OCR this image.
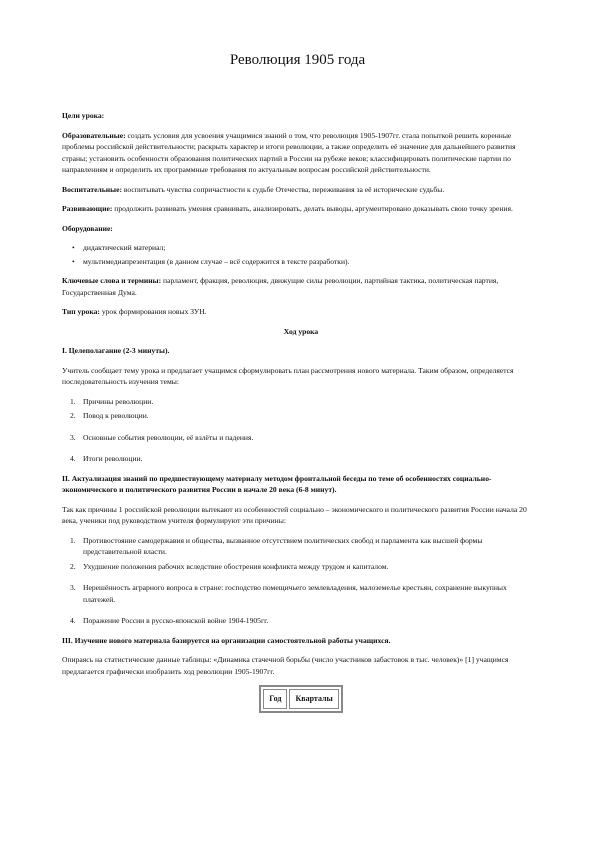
Революция 1905 года

Цели урока:

Образовательные: создать условия для усвоения учащимися знаний о том, что революция 1905-1907гг. стала попыткой решить коренные проблемы российской действительности; раскрыть характер и итоги революции, а также определить её значение для дальнейшего развития страны; установить особенности образования политических партий в России на рубеже веков; классифицировать политические партии по направлениям и определить их программные требования по актуальным вопросам российской действительности.

Воспитательные: воспитывать чувства сопричастности к судьбе Отечества, переживания за её исторические судьбы.

Развивающие: продолжить развивать умения сравнивать, анализировать, делать выводы, аргументировано доказывать свою точку зрения.

Оборудование:

• дидактический материал;
• мультимедиапрезентация (в данном случае – всё содержится в тексте разработки).

Ключевые слова и термины: парламент, фракция, революция, движущие силы революции, партийная тактика, политическая партия, Государственная Дума.

Тип урока: урок формирования новых ЗУН.

Ход урока

I. Целеполагание (2-3 минуты).

Учитель сообщает тему урока и предлагает учащимся сформулировать план рассмотрения нового материала. Таким образом, определяется последовательность изучения темы:

1. Причины революции.
2. Повод к революции.
3. Основные события революции, её взлёты и падения.
4. Итоги революции.

II. Актуализация знаний по предшествующему материалу методом фронтальной беседы по теме об особенностях социально-экономического и политического развития России в начале 20 века (6-8 минут).

Так как причины 1 российской революции вытекают из особенностей социально – экономического и политического развития России начала 20 века, ученики под руководством учителя формулируют эти причины:

1. Противостояние самодержавия и общества, вызванное отсутствием политических свобод и парламента как высшей формы представительной власти.
2. Ухудшение положения рабочих вследствие обострения конфликта между трудом и капиталом.
3. Нерешённость аграрного вопроса в стране: господство помещичьего землевладения, малоземелье крестьян, сохранение выкупных платежей.
4. Поражение России в русско-японской войне 1904-1905гг.

III. Изучение нового материала базируется на организации самостоятельной работы учащихся.

Опираясь на статистические данные таблицы: «Динамика стачечной борьбы (число участников забастовок в тыс. человек)» [1] учащимся предлагается графически изобразить ход революции 1905-1907гг.

Год	Кварталы
